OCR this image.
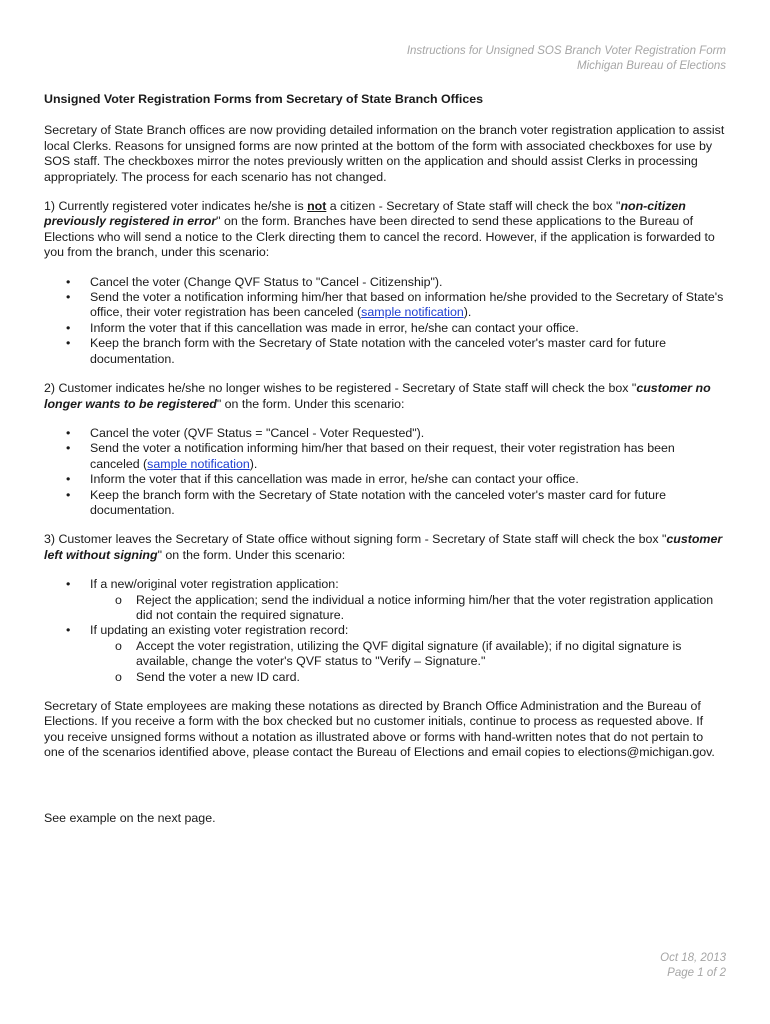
Instructions for Unsigned SOS Branch Voter Registration Form
Michigan Bureau of Elections
Unsigned Voter Registration Forms from Secretary of State Branch Offices

Secretary of State Branch offices are now providing detailed information on the branch voter registration application to assist local Clerks. Reasons for unsigned forms are now printed at the bottom of the form with associated checkboxes for use by SOS staff. The checkboxes mirror the notes previously written on the application and should assist Clerks in processing appropriately. The process for each scenario has not changed.

1) Currently registered voter indicates he/she is not a citizen - Secretary of State staff will check the box "non-citizen previously registered in error" on the form. Branches have been directed to send these applications to the Bureau of Elections who will send a notice to the Clerk directing them to cancel the record. However, if the application is forwarded to you from the branch, under this scenario:

• Cancel the voter (Change QVF Status to "Cancel - Citizenship").
• Send the voter a notification informing him/her that based on information he/she provided to the Secretary of State's office, their voter registration has been canceled (sample notification).
• Inform the voter that if this cancellation was made in error, he/she can contact your office.
• Keep the branch form with the Secretary of State notation with the canceled voter's master card for future documentation.

2) Customer indicates he/she no longer wishes to be registered - Secretary of State staff will check the box "customer no longer wants to be registered" on the form. Under this scenario:

• Cancel the voter (QVF Status = "Cancel - Voter Requested").
• Send the voter a notification informing him/her that based on their request, their voter registration has been canceled (sample notification).
• Inform the voter that if this cancellation was made in error, he/she can contact your office.
• Keep the branch form with the Secretary of State notation with the canceled voter's master card for future documentation.

3) Customer leaves the Secretary of State office without signing form - Secretary of State staff will check the box "customer left without signing" on the form. Under this scenario:

• If a new/original voter registration application:
o Reject the application; send the individual a notice informing him/her that the voter registration application did not contain the required signature.
• If updating an existing voter registration record:
o Accept the voter registration, utilizing the QVF digital signature (if available); if no digital signature is available, change the voter's QVF status to "Verify – Signature."
o Send the voter a new ID card.

Secretary of State employees are making these notations as directed by Branch Office Administration and the Bureau of Elections. If you receive a form with the box checked but no customer initials, continue to process as requested above. If you receive unsigned forms without a notation as illustrated above or forms with hand-written notes that do not pertain to one of the scenarios identified above, please contact the Bureau of Elections and email copies to elections@michigan.gov.

See example on the next page.

Oct 18, 2013
Page 1 of 2
